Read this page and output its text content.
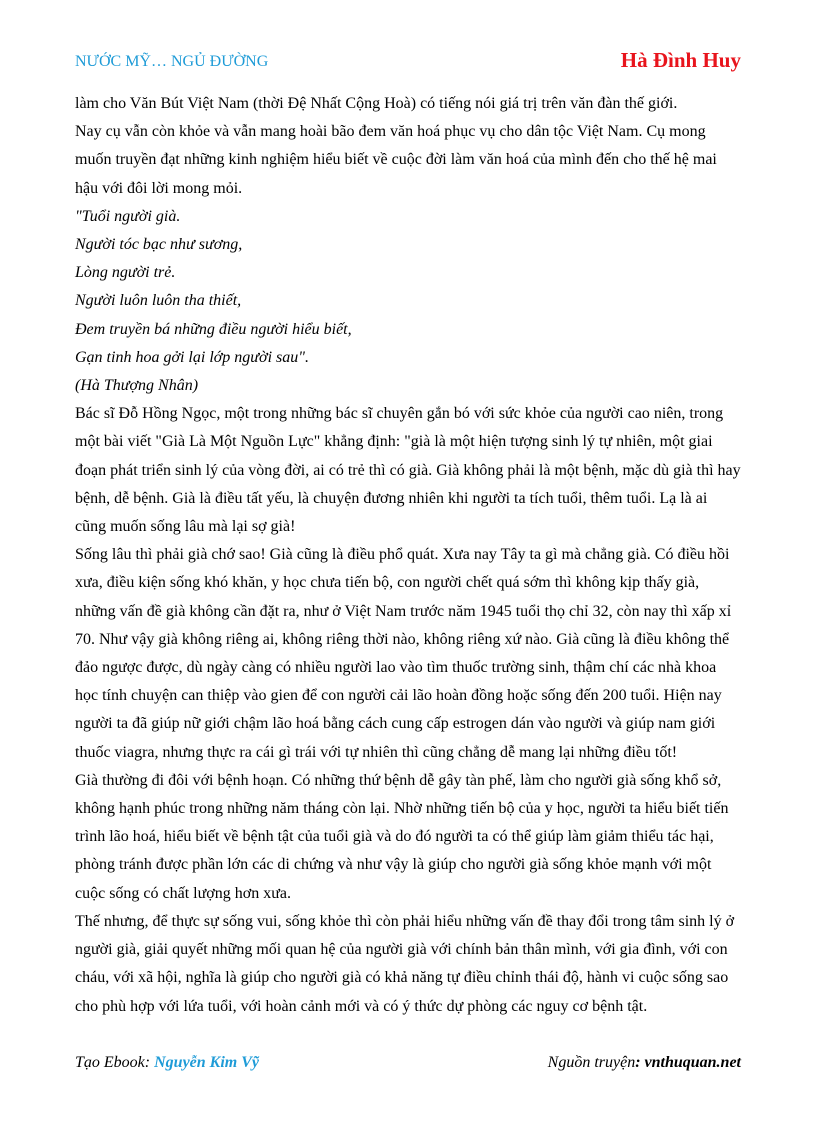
NƯỚC MỸ… NGỦ ĐƯỜNG	Hà Đình Huy

làm cho Văn Bút Việt Nam (thời Đệ Nhất Cộng Hoà) có tiếng nói giá trị trên văn đàn thế giới.

Nay cụ vẫn còn khỏe và vẫn mang hoài bão đem văn hoá phục vụ cho dân tộc Việt Nam. Cụ mong muốn truyền đạt những kinh nghiệm hiểu biết về cuộc đời làm văn hoá của mình đến cho thế hệ mai hậu với đôi lời mong mỏi.

"Tuổi người già.

Người tóc bạc như sương,

Lòng người trẻ.

Người luôn luôn tha thiết,

Đem truyền bá những điều người hiểu biết,

Gạn tinh hoa gởi lại lớp người sau".

(Hà Thượng Nhân)

Bác sĩ Đỗ Hồng Ngọc, một trong những bác sĩ chuyên gắn bó với sức khỏe của người cao niên, trong một bài viết "Già Là Một Nguồn Lực" khẳng định: "già là một hiện tượng sinh lý tự nhiên, một giai đoạn phát triển sinh lý của vòng đời, ai có trẻ thì có già. Già không phải là một bệnh, mặc dù già thì hay bệnh, dễ bệnh. Già là điều tất yếu, là chuyện đương nhiên khi người ta tích tuổi, thêm tuổi. Lạ là ai cũng muốn sống lâu mà lại sợ già!

Sống lâu thì phải già chớ sao! Già cũng là điều phổ quát. Xưa nay Tây ta gì mà chẳng già. Có điều hồi xưa, điều kiện sống khó khăn, y học chưa tiến bộ, con người chết quá sớm thì không kịp thấy già, những vấn đề già không cần đặt ra, như ở Việt Nam trước năm 1945 tuổi thọ chỉ 32, còn nay thì xấp xỉ 70. Như vậy già không riêng ai, không riêng thời nào, không riêng xứ nào. Già cũng là điều không thể đảo ngược được, dù ngày càng có nhiều người lao vào tìm thuốc trường sinh, thậm chí các nhà khoa học tính chuyện can thiệp vào gien để con người cải lão hoàn đồng hoặc sống đến 200 tuổi. Hiện nay người ta đã giúp nữ giới chậm lão hoá bằng cách cung cấp estrogen dán vào người và giúp nam giới thuốc viagra, nhưng thực ra cái gì trái với tự nhiên thì cũng chẳng dễ mang lại những điều tốt!

Già thường đi đôi với bệnh hoạn. Có những thứ bệnh dễ gây tàn phế, làm cho người già sống khổ sở, không hạnh phúc trong những năm tháng còn lại. Nhờ những tiến bộ của y học, người ta hiểu biết tiến trình lão hoá, hiểu biết về bệnh tật của tuổi già và do đó người ta có thể giúp làm giảm thiểu tác hại, phòng tránh được phần lớn các di chứng và như vậy là giúp cho người già sống khỏe mạnh với một cuộc sống có chất lượng hơn xưa.

Thế nhưng, để thực sự sống vui, sống khỏe thì còn phải hiểu những vấn đề thay đổi trong tâm sinh lý ở người già, giải quyết những mối quan hệ của người già với chính bản thân mình, với gia đình, với con cháu, với xã hội, nghĩa là giúp cho người già có khả năng tự điều chỉnh thái độ, hành vi cuộc sống sao cho phù hợp với lứa tuổi, với hoàn cảnh mới và có ý thức dự phòng các nguy cơ bệnh tật.

Tạo Ebook: Nguyễn Kim Vỹ	Nguồn truyện: vnthuquan.net
